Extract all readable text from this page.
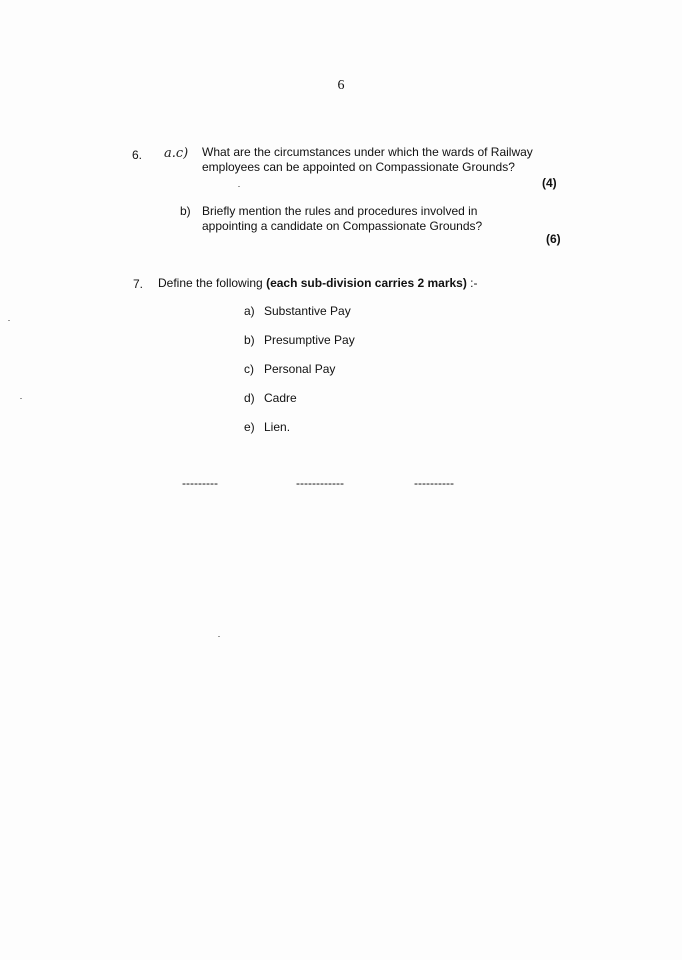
6
6. a.c) What are the circumstances under which the wards of Railway
employees can be appointed on Compassionate Grounds?
(4)
b) Briefly mention the rules and procedures involved in
appointing a candidate on Compassionate Grounds?
(6)
7. Define the following (each sub-division carries 2 marks) :-
a) Substantive Pay
b) Presumptive Pay
c) Personal Pay
d) Cadre
e) Lien.
---------	------------	----------
